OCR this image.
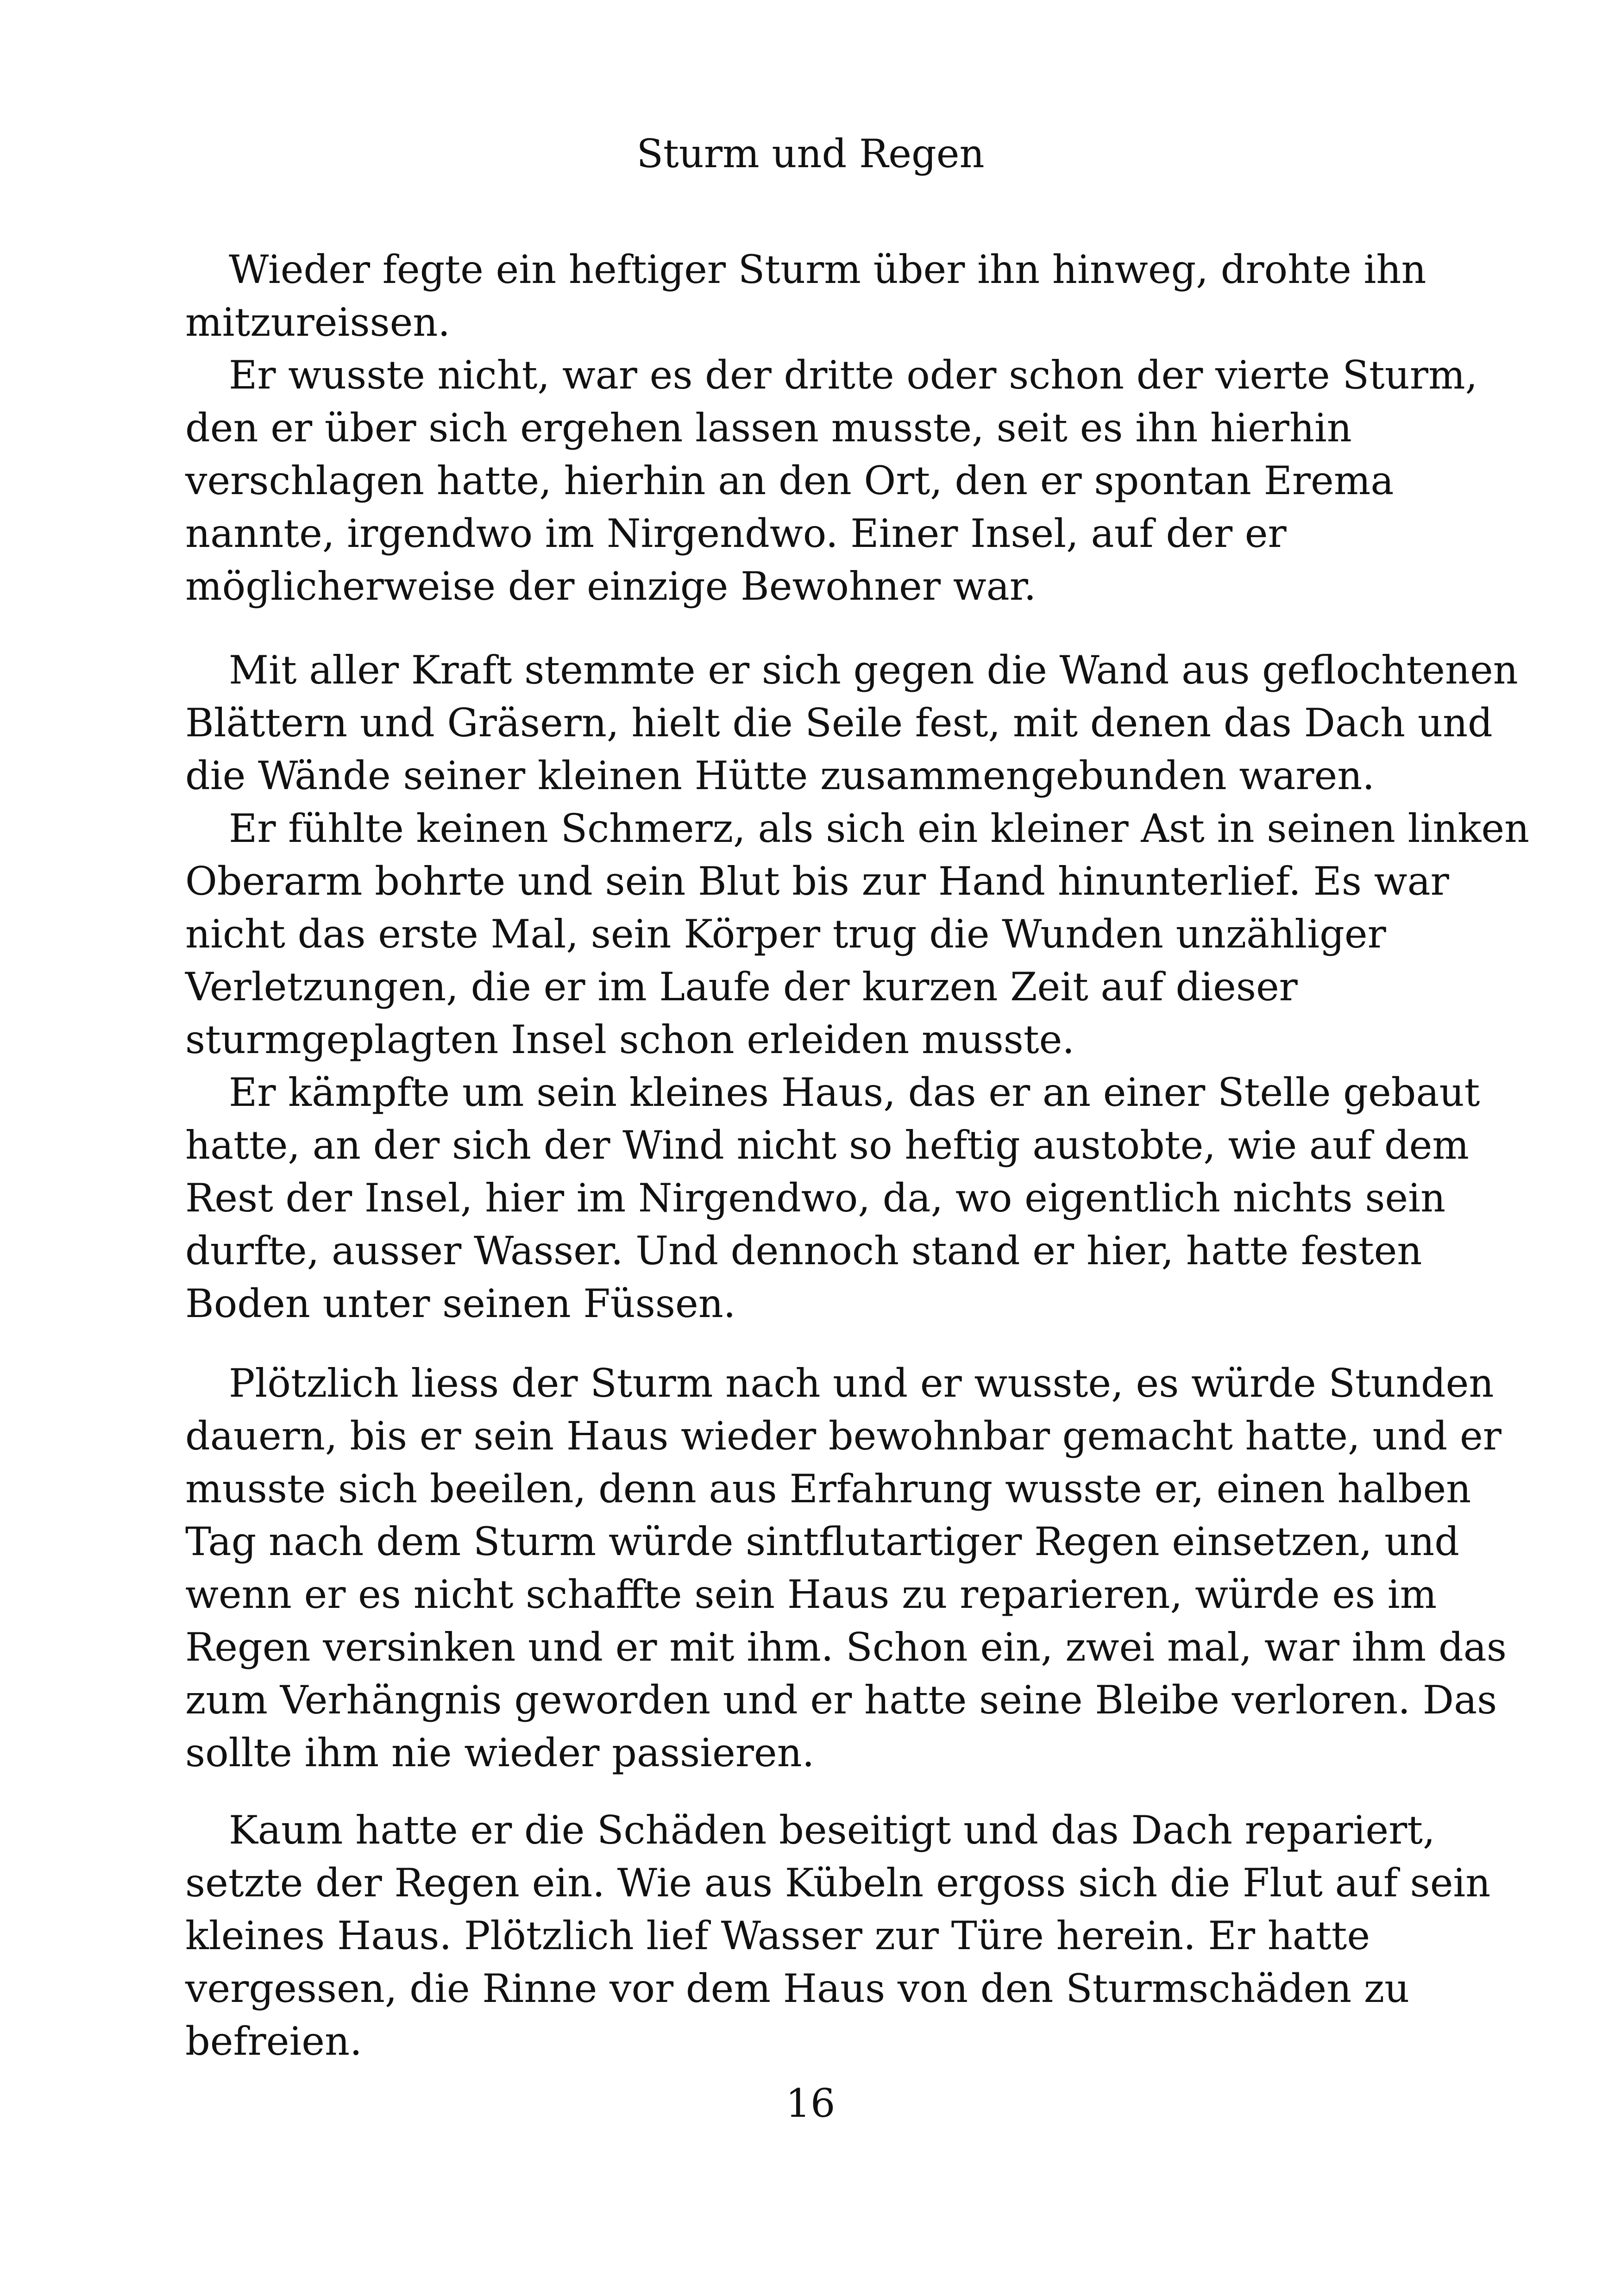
Sturm und Regen
Wieder fegte ein heftiger Sturm über ihn hinweg, drohte ihn
mitzureissen.
Er wusste nicht, war es der dritte oder schon der vierte Sturm,
den er über sich ergehen lassen musste, seit es ihn hierhin
verschlagen hatte, hierhin an den Ort, den er spontan Erema
nannte, irgendwo im Nirgendwo. Einer Insel, auf der er
möglicherweise der einzige Bewohner war.
Mit aller Kraft stemmte er sich gegen die Wand aus geflochtenen
Blättern und Gräsern, hielt die Seile fest, mit denen das Dach und
die Wände seiner kleinen Hütte zusammengebunden waren.
Er fühlte keinen Schmerz, als sich ein kleiner Ast in seinen linken
Oberarm bohrte und sein Blut bis zur Hand hinunterlief. Es war
nicht das erste Mal, sein Körper trug die Wunden unzähliger
Verletzungen, die er im Laufe der kurzen Zeit auf dieser
sturmgeplagten Insel schon erleiden musste.
Er kämpfte um sein kleines Haus, das er an einer Stelle gebaut
hatte, an der sich der Wind nicht so heftig austobte, wie auf dem
Rest der Insel, hier im Nirgendwo, da, wo eigentlich nichts sein
durfte, ausser Wasser. Und dennoch stand er hier, hatte festen
Boden unter seinen Füssen.
Plötzlich liess der Sturm nach und er wusste, es würde Stunden
dauern, bis er sein Haus wieder bewohnbar gemacht hatte, und er
musste sich beeilen, denn aus Erfahrung wusste er, einen halben
Tag nach dem Sturm würde sintflutartiger Regen einsetzen, und
wenn er es nicht schaffte sein Haus zu reparieren, würde es im
Regen versinken und er mit ihm. Schon ein, zwei mal, war ihm das
zum Verhängnis geworden und er hatte seine Bleibe verloren. Das
sollte ihm nie wieder passieren.
Kaum hatte er die Schäden beseitigt und das Dach repariert,
setzte der Regen ein. Wie aus Kübeln ergoss sich die Flut auf sein
kleines Haus. Plötzlich lief Wasser zur Türe herein. Er hatte
vergessen, die Rinne vor dem Haus von den Sturmschäden zu
befreien.
16
